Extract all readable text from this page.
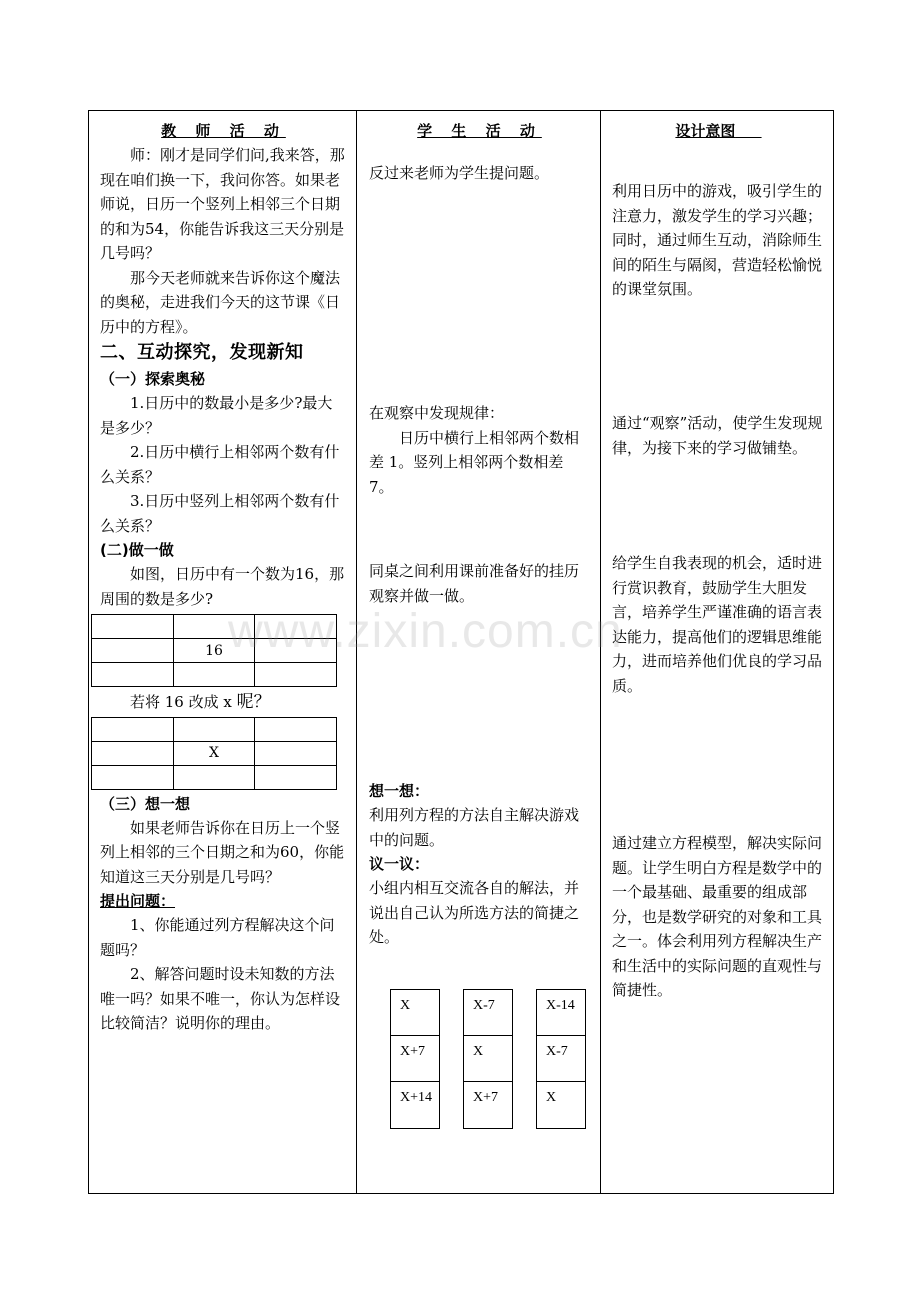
教 师 活 动

师：刚才是同学们问,我来答，那现在咱们换一下，我问你答。如果老师说，日历一个竖列上相邻三个日期的和为54，你能告诉我这三天分别是几号吗？

那今天老师就来告诉你这个魔法的奥秘，走进我们今天的这节课《日历中的方程》。

二、互动探究，发现新知
（一）探索奥秘

1.日历中的数最小是多少?最大是多少？

2.日历中横行上相邻两个数有什么关系？

3.日历中竖列上相邻两个数有什么关系？

(二)做一做

如图，日历中有一个数为16，那周围的数是多少?

	16	

若将 16 改成 x 呢？

	X	

（三）想一想

如果老师告诉你在日历上一个竖列上相邻的三个日期之和为60，你能知道这三天分别是几号吗？

提出问题：

1、你能通过列方程解决这个问题吗？

2、解答问题时设未知数的方法唯一吗？如果不唯一，你认为怎样设比较简洁？说明你的理由。

学 生 活 动

反过来老师为学生提问题。

在观察中发现规律：

日历中横行上相邻两个数相差 1。竖列上相邻两个数相差 7。

同桌之间利用课前准备好的挂历观察并做一做。

想一想：

利用列方程的方法自主解决游戏中的问题。

议一议：

小组内相互交流各自的解法，并说出自己认为所选方法的简捷之处。

X
X+7
X+14
X-7
X
X+7
X-14
X-7
X
设计意图

利用日历中的游戏，吸引学生的注意力，激发学生的学习兴趣；同时，通过师生互动，消除师生间的陌生与隔阂，营造轻松愉悦的课堂氛围。

通过“观察”活动，使学生发现规律，为接下来的学习做铺垫。

给学生自我表现的机会，适时进行赏识教育，鼓励学生大胆发言，培养学生严谨准确的语言表达能力，提高他们的逻辑思维能力，进而培养他们优良的学习品质。

通过建立方程模型，解决实际问题。让学生明白方程是数学中的一个最基础、最重要的组成部分，也是数学研究的对象和工具之一。体会利用列方程解决生产和生活中的实际问题的直观性与简捷性。

www.zixin.com.cn
